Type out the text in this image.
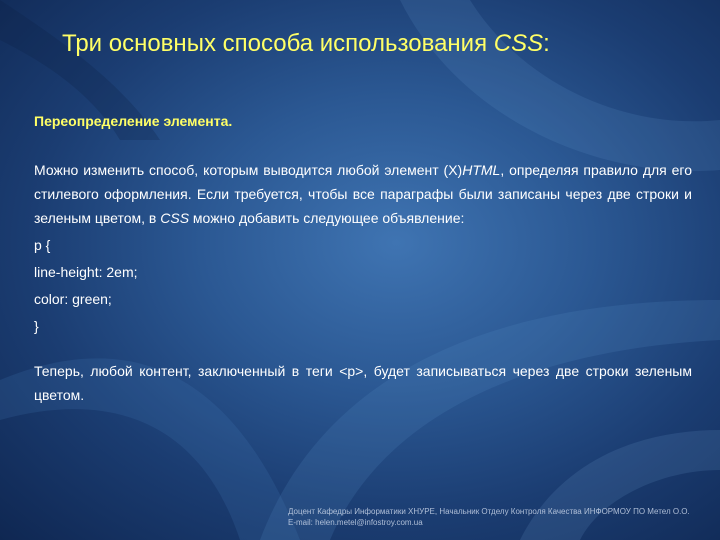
Три основных способа использования CSS:

Переопределение элемента.

Можно изменить способ, которым выводится любой элемент (X)HTML, определяя правило для его стилевого оформления. Если требуется, чтобы все параграфы были записаны через две строки и зеленым цветом, в CSS можно добавить следующее объявление:

p {
line-height: 2em;
color: green;
}

Теперь, любой контент, заключенный в теги <p>, будет записываться через две строки зеленым цветом.

Доцент Кафедры Информатики ХНУРЕ, Начальник Отделу Контроля Качества ИНФОРМОУ ПО Метел О.О.
E-mail: helen.metel@infostroy.com.ua
